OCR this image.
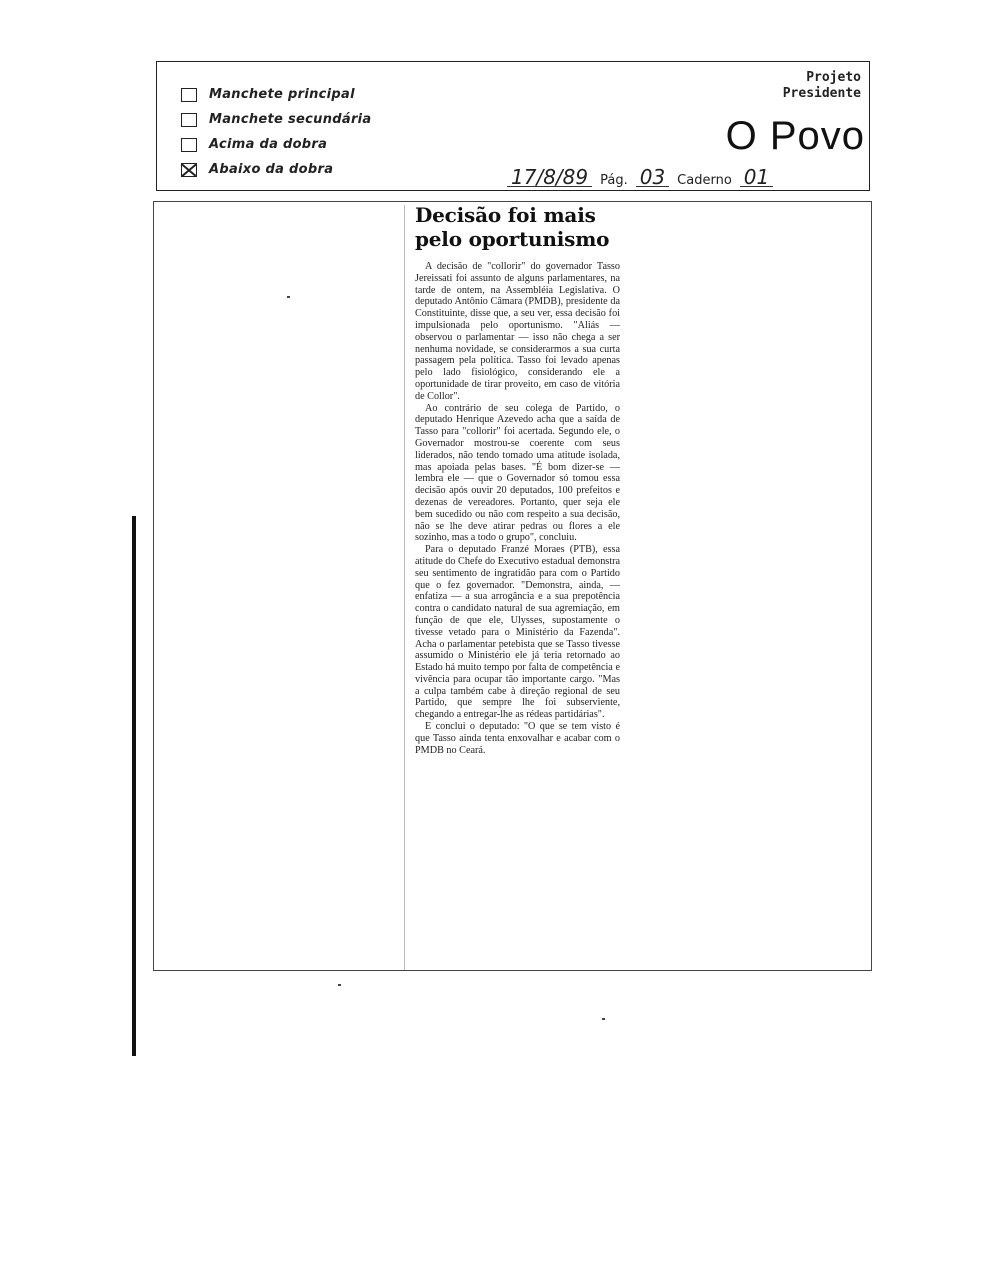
Manchete principal
Manchete secundária
Acima da dobra
Abaixo da dobra
Projeto
Presidente
O Povo
17/8/89 Pág. 03 Caderno 01
Decisão foi mais
pelo oportunismo

A decisão de "collorir" do governador Tasso Jereissati foi assunto de alguns parlamentares, na tarde de ontem, na Assembléia Legislativa. O deputado Antônio Câmara (PMDB), presidente da Constituinte, disse que, a seu ver, essa decisão foi impulsionada pelo oportunismo. "Aliás — observou o parlamentar — isso não chega a ser nenhuma novidade, se considerarmos a sua curta passagem pela política. Tasso foi levado apenas pelo lado fisiológico, considerando ele a oportunidade de tirar proveito, em caso de vitória de Collor".

Ao contrário de seu colega de Partido, o deputado Henrique Azevedo acha que a saída de Tasso para "collorir" foi acertada. Segundo ele, o Governador mostrou-se coerente com seus liderados, não tendo tomado uma atitude isolada, mas apoiada pelas bases. "É bom dizer-se — lembra ele — que o Governador só tomou essa decisão após ouvir 20 deputados, 100 prefeitos e dezenas de vereadores. Portanto, quer seja ele bem sucedido ou não com respeito a sua decisão, não se lhe deve atirar pedras ou flores a ele sozinho, mas a todo o grupo", concluiu.

Para o deputado Franzé Moraes (PTB), essa atitude do Chefe do Executivo estadual demonstra seu sentimento de ingratidão para com o Partido que o fez governador. "Demonstra, ainda, — enfatiza — a sua arrogância e a sua prepotência contra o candidato natural de sua agremiação, em função de que ele, Ulysses, supostamente o tivesse vetado para o Ministério da Fazenda". Acha o parlamentar petebista que se Tasso tivesse assumido o Ministério ele já teria retornado ao Estado há muito tempo por falta de competência e vivência para ocupar tão importante cargo. "Mas a culpa também cabe à direção regional de seu Partido, que sempre lhe foi subserviente, chegando a entregar-lhe as rédeas partidárias".

E conclui o deputado: "O que se tem visto é que Tasso ainda tenta enxovalhar e acabar com o PMDB no Ceará.
